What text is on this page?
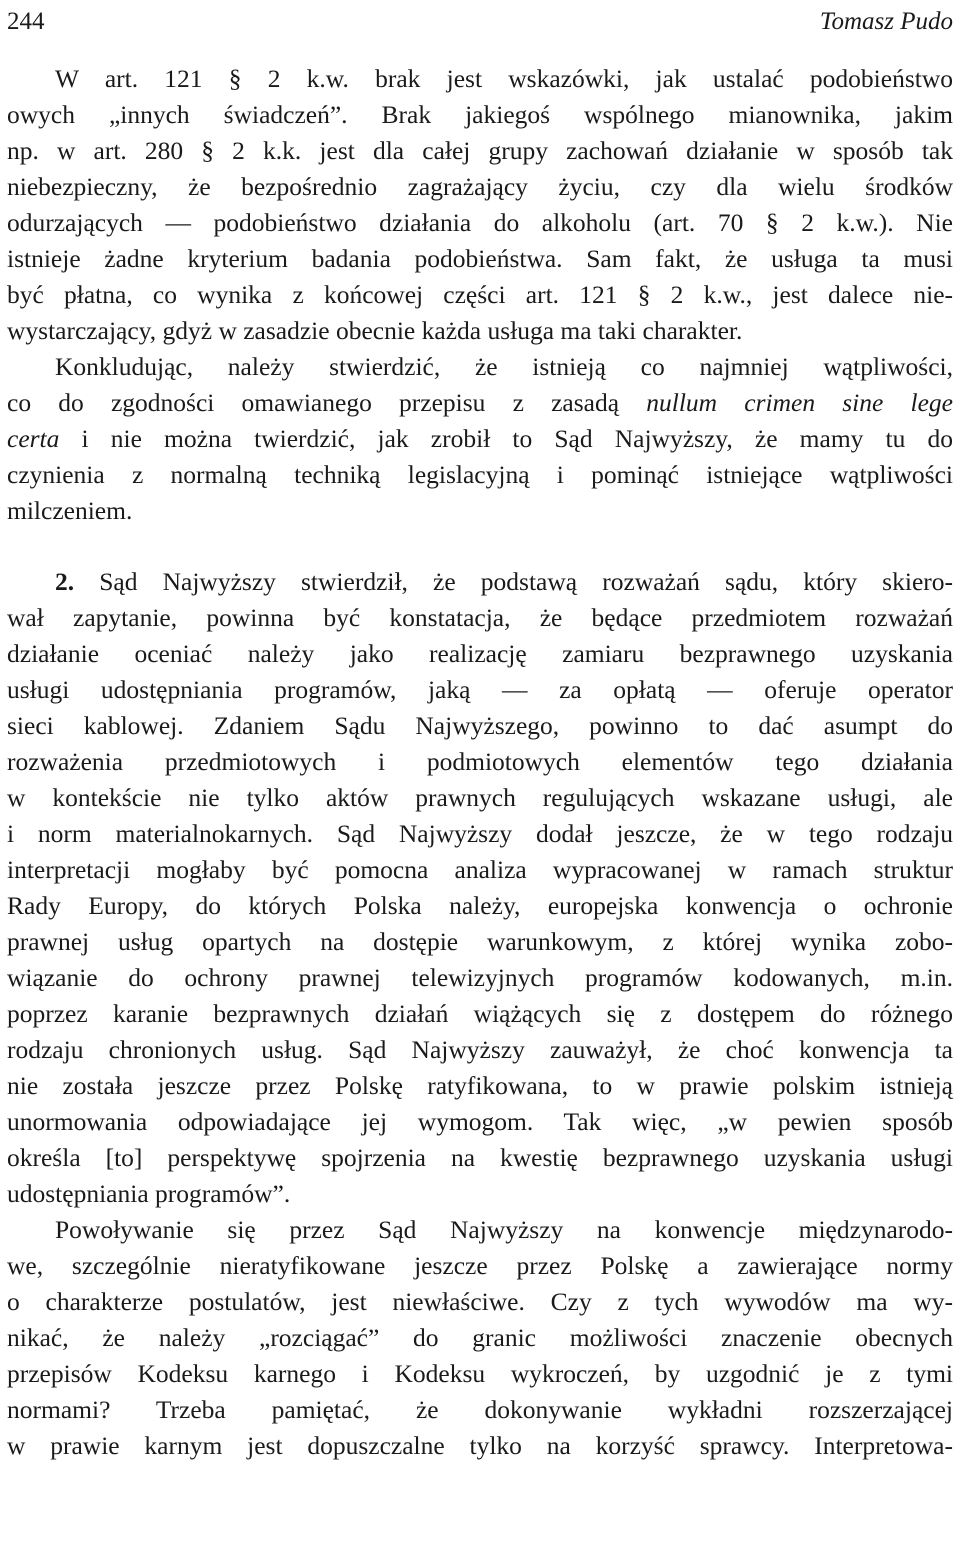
244	Tomasz Pudo
W art. 121 § 2 k.w. brak jest wskazówki, jak ustalać podobieństwo
owych „innych świadczeń”. Brak jakiegoś wspólnego mianownika, jakim
np. w art. 280 § 2 k.k. jest dla całej grupy zachowań działanie w sposób tak
niebezpieczny, że bezpośrednio zagrażający życiu, czy dla wielu środków
odurzających — podobieństwo działania do alkoholu (art. 70 § 2 k.w.). Nie
istnieje żadne kryterium badania podobieństwa. Sam fakt, że usługa ta musi
być płatna, co wynika z końcowej części art. 121 § 2 k.w., jest dalece nie-
wystarczający, gdyż w zasadzie obecnie każda usługa ma taki charakter.
Konkludując, należy stwierdzić, że istnieją co najmniej wątpliwości,
co do zgodności omawianego przepisu z zasadą nullum crimen sine lege
certa i nie można twierdzić, jak zrobił to Sąd Najwyższy, że mamy tu do
czynienia z normalną techniką legislacyjną i pominąć istniejące wątpliwości
milczeniem.
2. Sąd Najwyższy stwierdził, że podstawą rozważań sądu, który skiero-
wał zapytanie, powinna być konstatacja, że będące przedmiotem rozważań
działanie oceniać należy jako realizację zamiaru bezprawnego uzyskania
usługi udostępniania programów, jaką — za opłatą — oferuje operator
sieci kablowej. Zdaniem Sądu Najwyższego, powinno to dać asumpt do
rozważenia przedmiotowych i podmiotowych elementów tego działania
w kontekście nie tylko aktów prawnych regulujących wskazane usługi, ale
i norm materialnokarnych. Sąd Najwyższy dodał jeszcze, że w tego rodzaju
interpretacji mogłaby być pomocna analiza wypracowanej w ramach struktur
Rady Europy, do których Polska należy, europejska konwencja o ochronie
prawnej usług opartych na dostępie warunkowym, z której wynika zobo-
wiązanie do ochrony prawnej telewizyjnych programów kodowanych, m.in.
poprzez karanie bezprawnych działań wiążących się z dostępem do różnego
rodzaju chronionych usług. Sąd Najwyższy zauważył, że choć konwencja ta
nie została jeszcze przez Polskę ratyfikowana, to w prawie polskim istnieją
unormowania odpowiadające jej wymogom. Tak więc, „w pewien sposób
określa [to] perspektywę spojrzenia na kwestię bezprawnego uzyskania usługi
udostępniania programów”.
Powoływanie się przez Sąd Najwyższy na konwencje międzynarodo-
we, szczególnie nieratyfikowane jeszcze przez Polskę a zawierające normy
o charakterze postulatów, jest niewłaściwe. Czy z tych wywodów ma wy-
nikać, że należy „rozciągać” do granic możliwości znaczenie obecnych
przepisów Kodeksu karnego i Kodeksu wykroczeń, by uzgodnić je z tymi
normami? Trzeba pamiętać, że dokonywanie wykładni rozszerzającej
w prawie karnym jest dopuszczalne tylko na korzyść sprawcy. Interpretowa-
